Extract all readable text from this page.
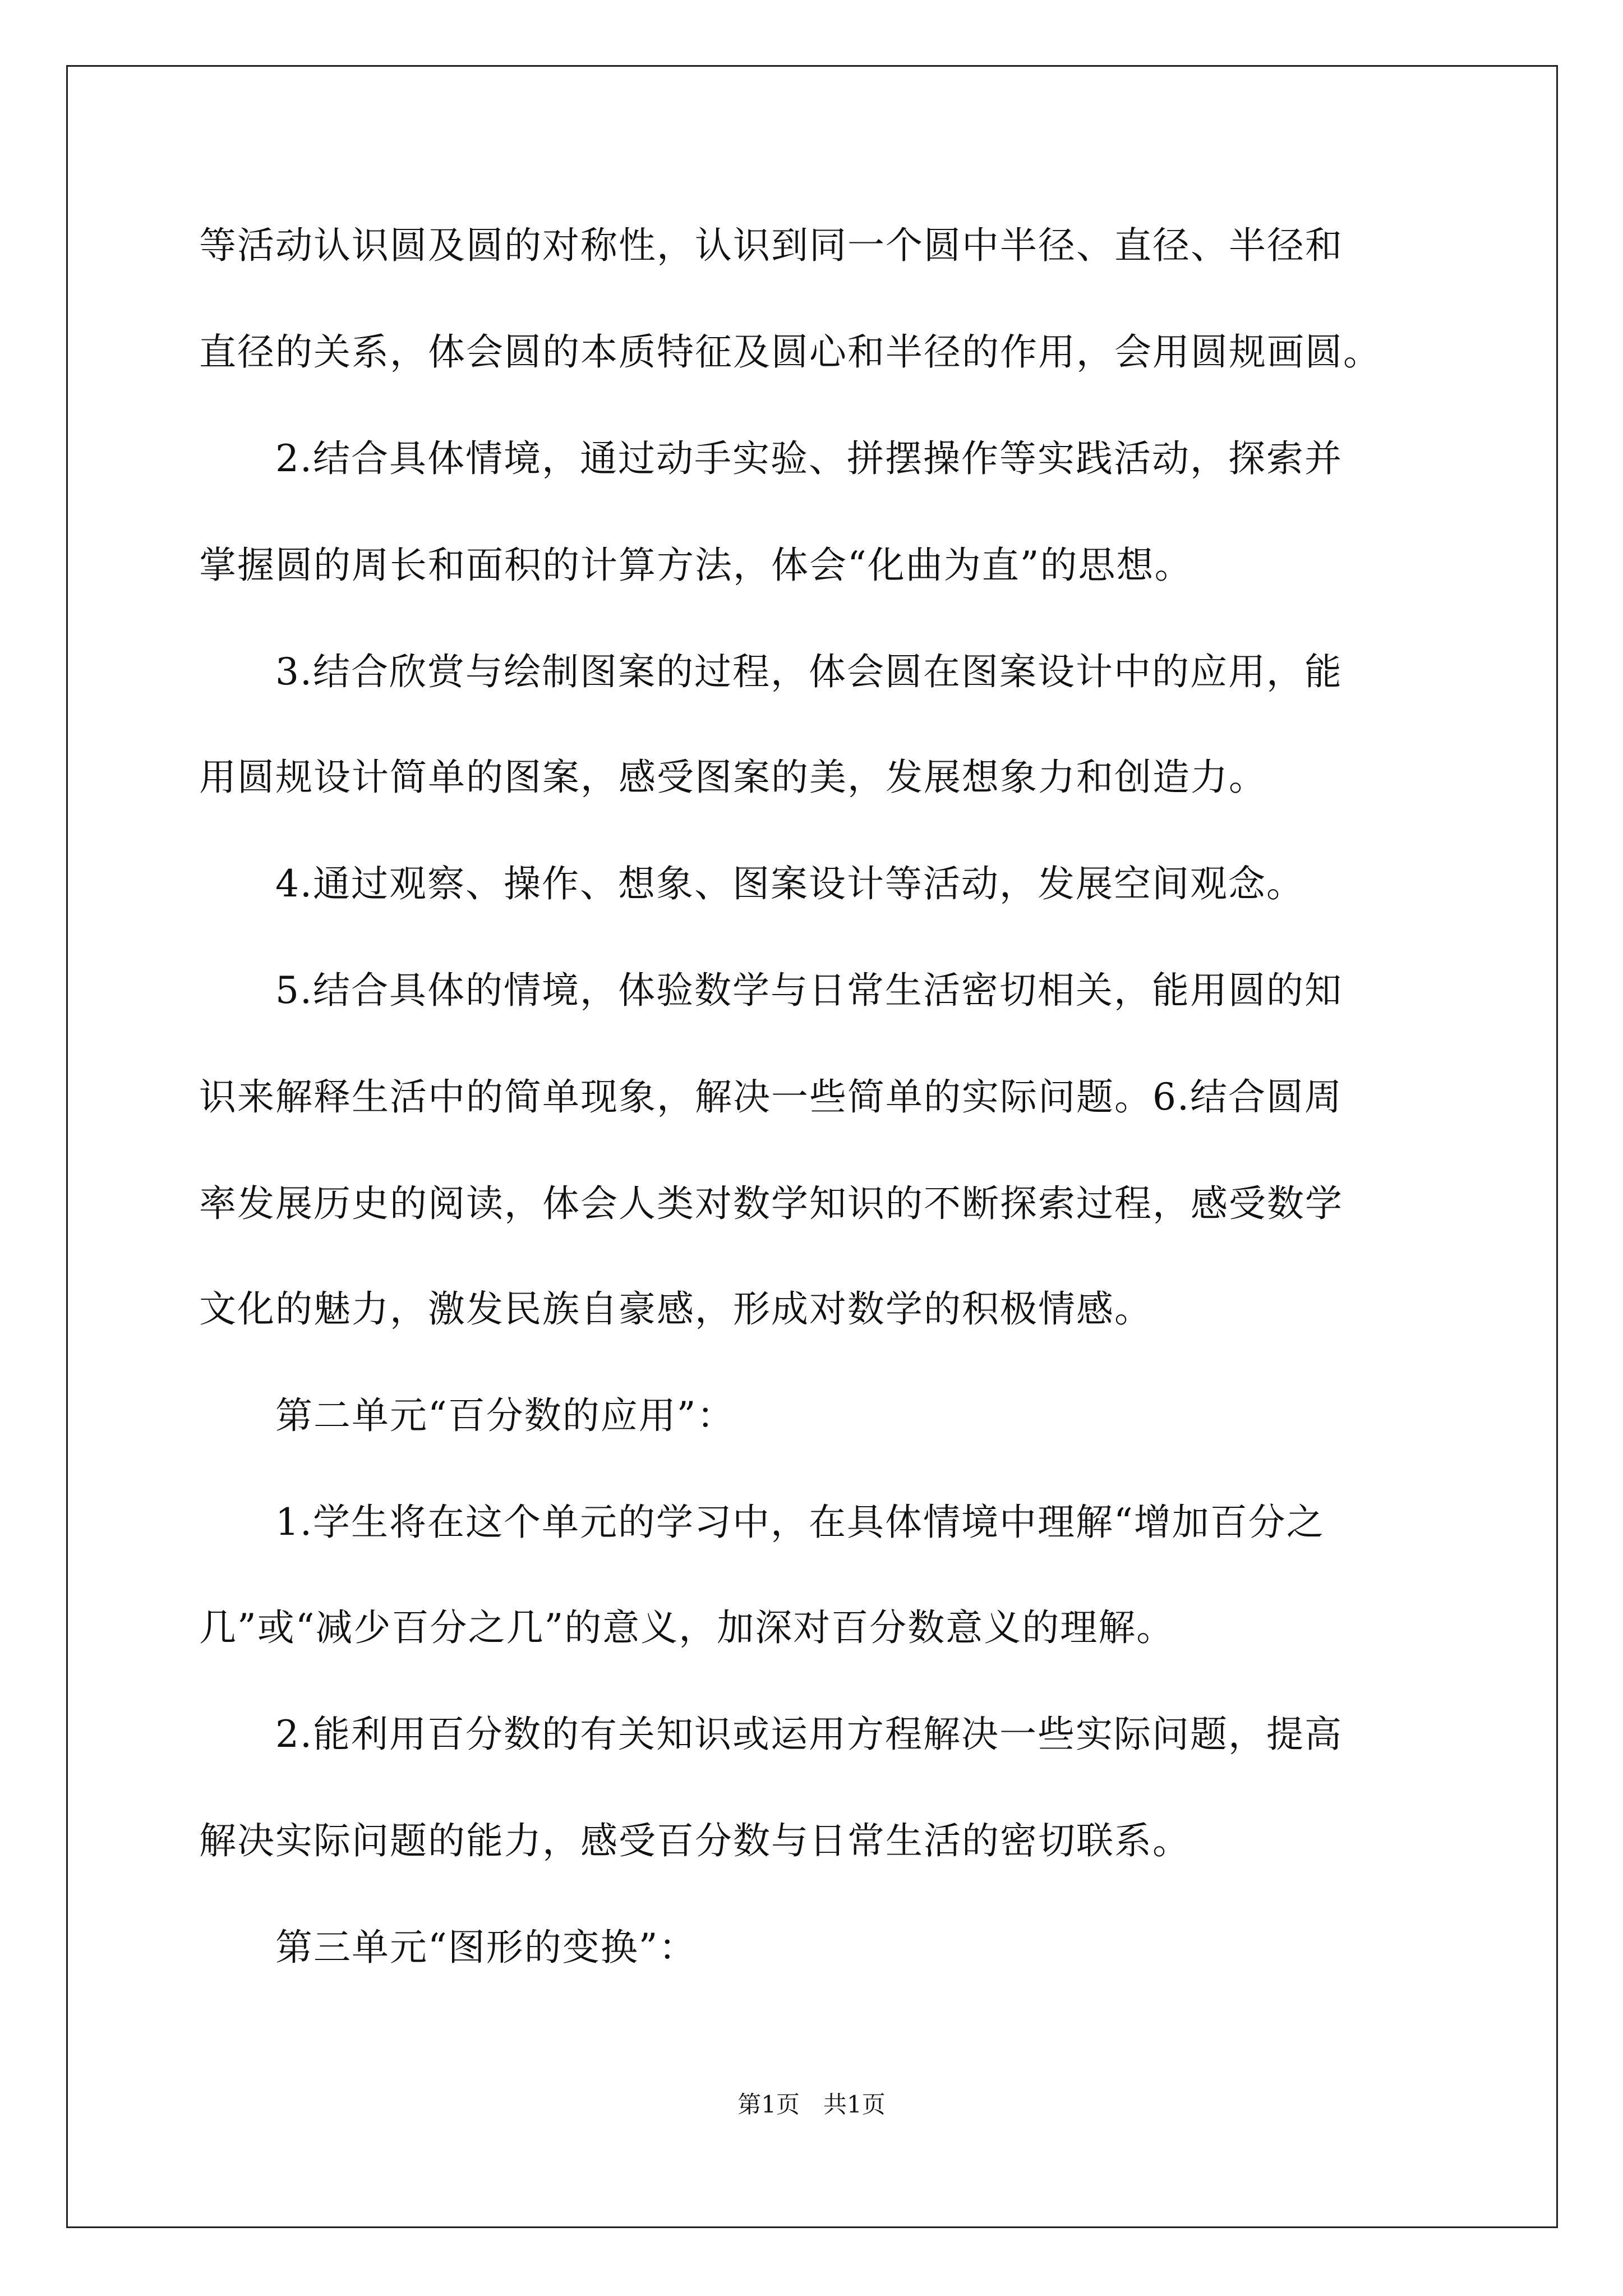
等活动认识圆及圆的对称性，认识到同一个圆中半径、直径、半径和
直径的关系，体会圆的本质特征及圆心和半径的作用，会用圆规画圆。
2.结合具体情境，通过动手实验、拼摆操作等实践活动，探索并
掌握圆的周长和面积的计算方法，体会“化曲为直”的思想。
3.结合欣赏与绘制图案的过程，体会圆在图案设计中的应用，能
用圆规设计简单的图案，感受图案的美，发展想象力和创造力。
4.通过观察、操作、想象、图案设计等活动，发展空间观念。
5.结合具体的情境，体验数学与日常生活密切相关，能用圆的知
识来解释生活中的简单现象，解决一些简单的实际问题。6.结合圆周
率发展历史的阅读，体会人类对数学知识的不断探索过程，感受数学
文化的魅力，激发民族自豪感，形成对数学的积极情感。
第二单元“百分数的应用”：
1.学生将在这个单元的学习中，在具体情境中理解“增加百分之
几”或“减少百分之几”的意义，加深对百分数意义的理解。
2.能利用百分数的有关知识或运用方程解决一些实际问题，提高
解决实际问题的能力，感受百分数与日常生活的密切联系。
第三单元“图形的变换”：
第1页　共1页
